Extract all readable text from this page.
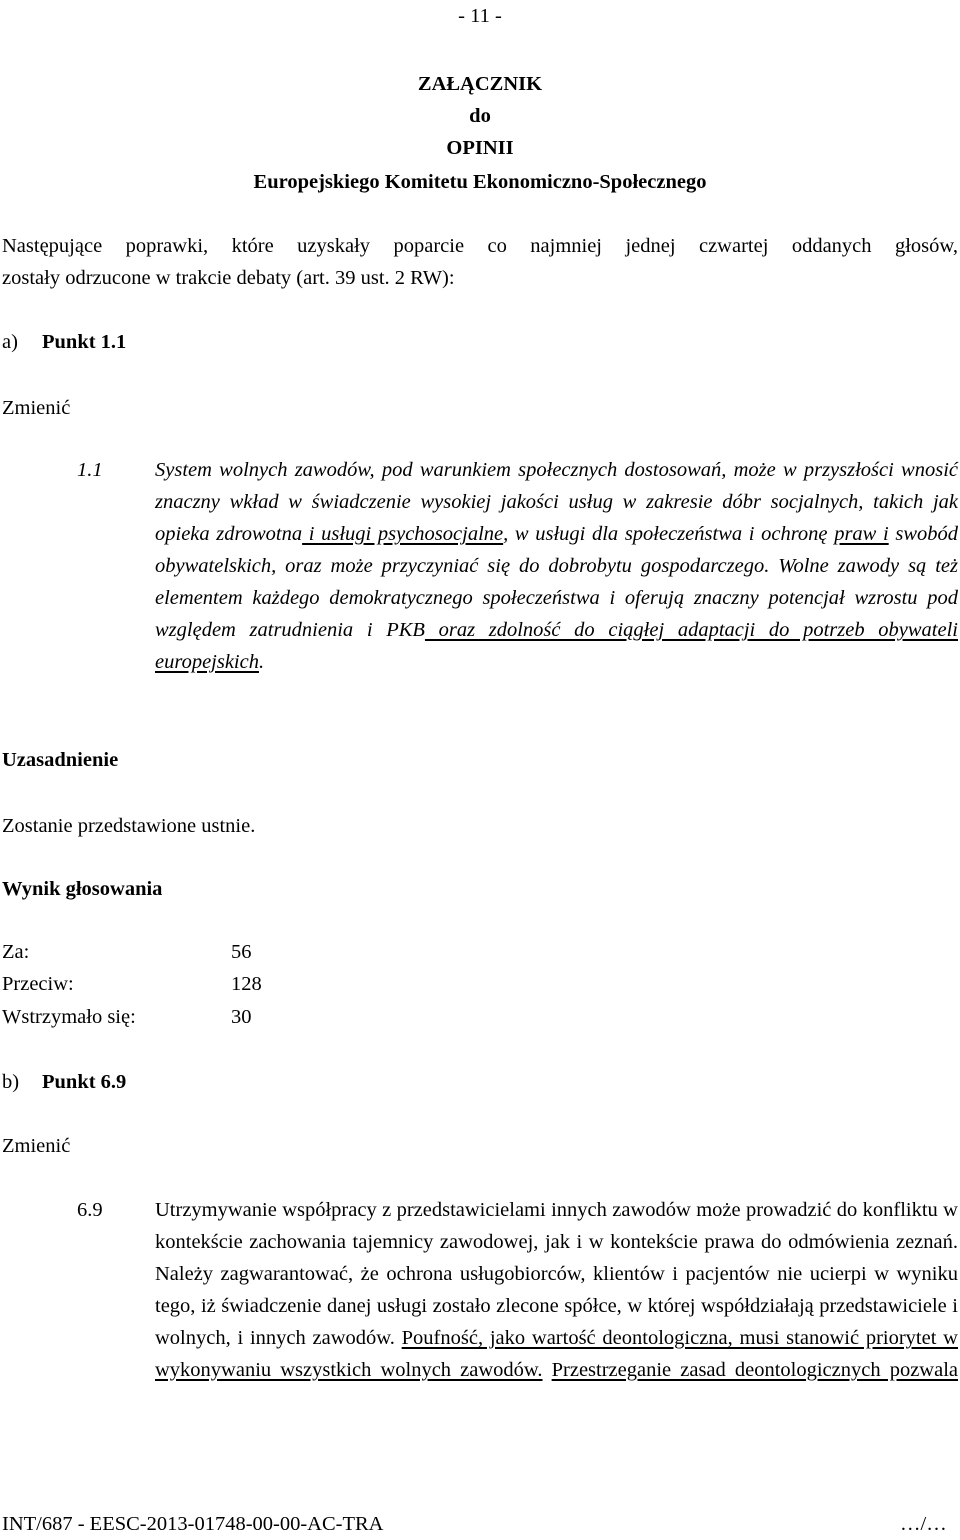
- 11 -
ZAŁĄCZNIK
do
OPINII
Europejskiego Komitetu Ekonomiczno-Społecznego
Następujące poprawki, które uzyskały poparcie co najmniej jednej czwartej oddanych głosów,
zostały odrzucone w trakcie debaty (art. 39 ust. 2 RW):
a) Punkt 1.1
Zmienić
1.1	System wolnych zawodów, pod warunkiem społecznych dostosowań, może w przyszłości wnosić znaczny wkład w świadczenie wysokiej jakości usług w zakresie dóbr socjalnych, takich jak opieka zdrowotna i usługi psychosocjalne, w usługi dla społeczeństwa i ochronę praw i swobód obywatelskich, oraz może przyczyniać się do dobrobytu gospodarczego. Wolne zawody są też elementem każdego demokratycznego społeczeństwa i oferują znaczny potencjał wzrostu pod względem zatrudnienia i PKB oraz zdolność do ciągłej adaptacji do potrzeb obywateli europejskich.
Uzasadnienie
Zostanie przedstawione ustnie.
Wynik głosowania
Za:	56
Przeciw:	128
Wstrzymało się:	30
b) Punkt 6.9
Zmienić
6.9	Utrzymywanie współpracy z przedstawicielami innych zawodów może prowadzić do konfliktu w kontekście zachowania tajemnicy zawodowej, jak i w kontekście prawa do odmówienia zeznań. Należy zagwarantować, że ochrona usługobiorców, klientów i pacjentów nie ucierpi w wyniku tego, iż świadczenie danej usługi zostało zlecone spółce, w której współdziałają przedstawiciele i wolnych, i innych zawodów. Poufność, jako wartość deontologiczna, musi stanowić priorytet w wykonywaniu wszystkich wolnych zawodów. Przestrzeganie zasad deontologicznych pozwala
INT/687 - EESC-2013-01748-00-00-AC-TRA	…/…
